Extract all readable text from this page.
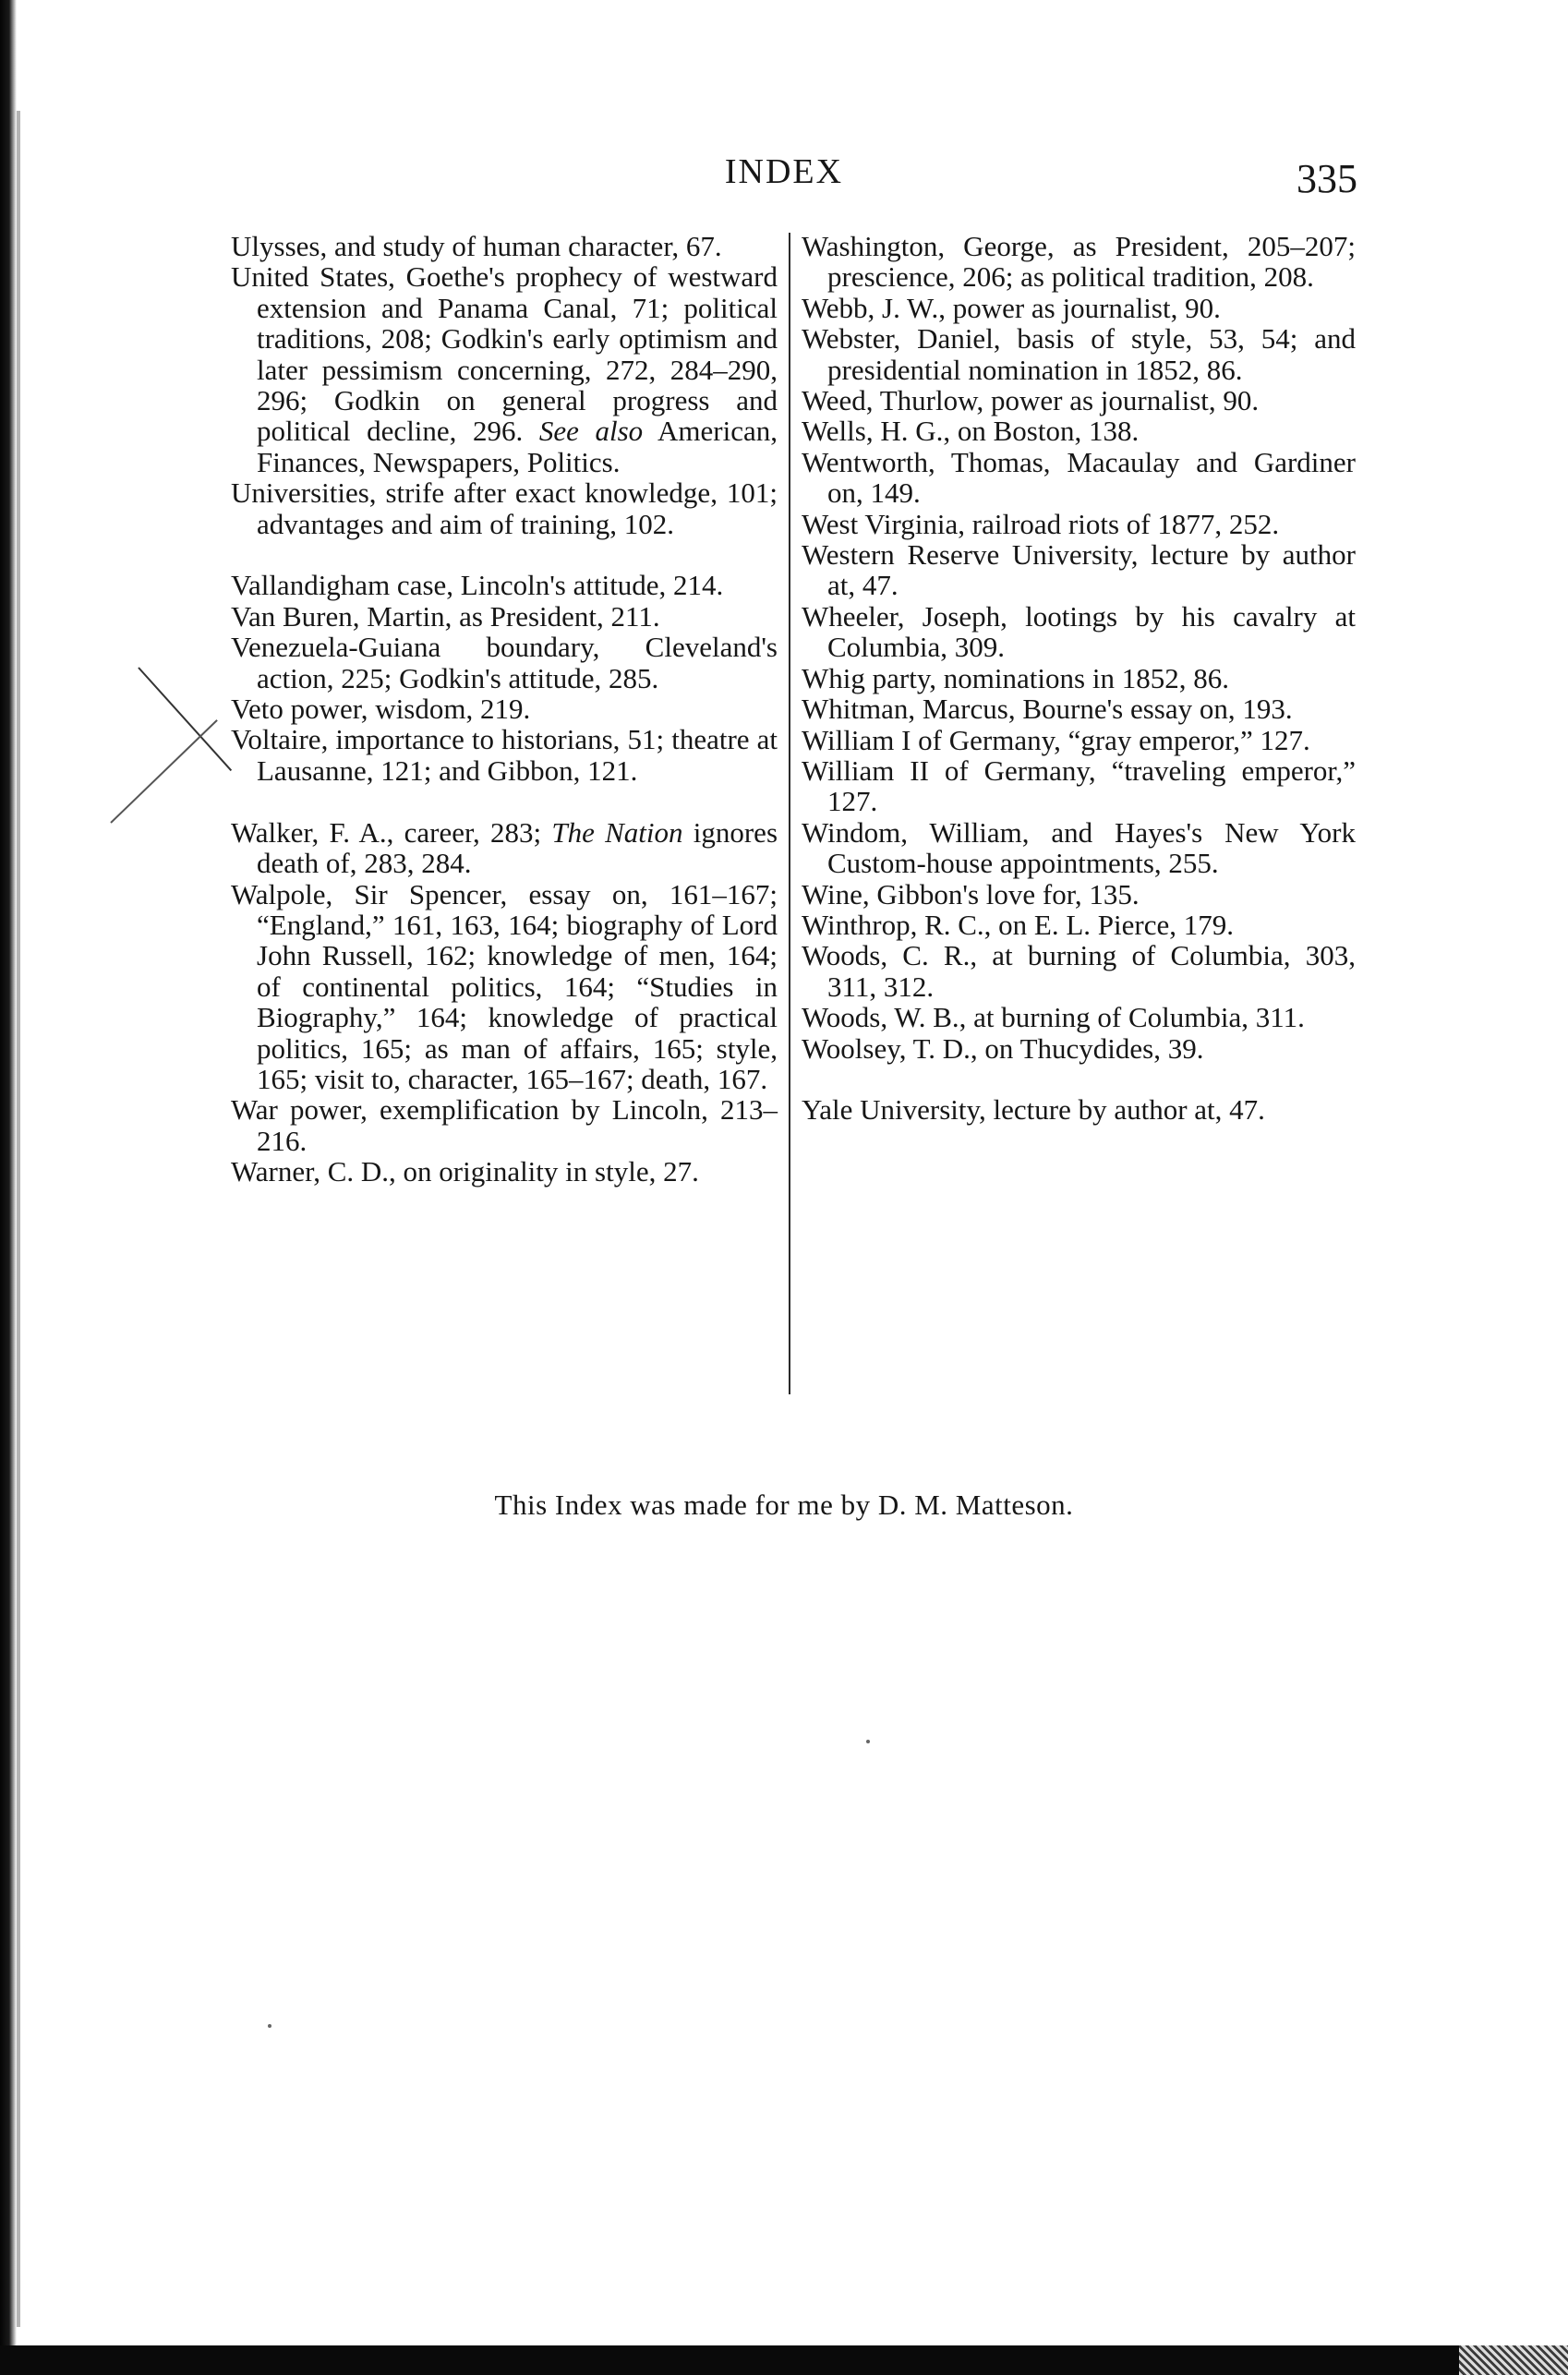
INDEX	335

Ulysses, and study of human character, 67.

United States, Goethe's prophecy of westward extension and Panama Canal, 71; political traditions, 208; Godkin's early optimism and later pessimism concerning, 272, 284–290, 296; Godkin on general progress and political decline, 296. See also American, Finances, Newspapers, Politics.

Universities, strife after exact knowledge, 101; advantages and aim of training, 102.

Vallandigham case, Lincoln's attitude, 214.

Van Buren, Martin, as President, 211.

Venezuela-Guiana boundary, Cleveland's action, 225; Godkin's attitude, 285.

Veto power, wisdom, 219.

Voltaire, importance to historians, 51; theatre at Lausanne, 121; and Gibbon, 121.

Walker, F. A., career, 283; The Nation ignores death of, 283, 284.

Walpole, Sir Spencer, essay on, 161–167; “England,” 161, 163, 164; biography of Lord John Russell, 162; knowledge of men, 164; of continental politics, 164; “Studies in Biography,” 164; knowledge of practical politics, 165; as man of affairs, 165; style, 165; visit to, character, 165–167; death, 167.

War power, exemplification by Lincoln, 213–216.

Warner, C. D., on originality in style, 27.

Washington, George, as President, 205–207; prescience, 206; as political tradition, 208.

Webb, J. W., power as journalist, 90.

Webster, Daniel, basis of style, 53, 54; and presidential nomination in 1852, 86.

Weed, Thurlow, power as journalist, 90.

Wells, H. G., on Boston, 138.

Wentworth, Thomas, Macaulay and Gardiner on, 149.

West Virginia, railroad riots of 1877, 252.

Western Reserve University, lecture by author at, 47.

Wheeler, Joseph, lootings by his cavalry at Columbia, 309.

Whig party, nominations in 1852, 86.

Whitman, Marcus, Bourne's essay on, 193.

William I of Germany, “gray emperor,” 127.

William II of Germany, “traveling emperor,” 127.

Windom, William, and Hayes's New York Custom-house appointments, 255.

Wine, Gibbon's love for, 135.

Winthrop, R. C., on E. L. Pierce, 179.

Woods, C. R., at burning of Columbia, 303, 311, 312.

Woods, W. B., at burning of Columbia, 311.

Woolsey, T. D., on Thucydides, 39.

Yale University, lecture by author at, 47.

This Index was made for me by D. M. Matteson.
